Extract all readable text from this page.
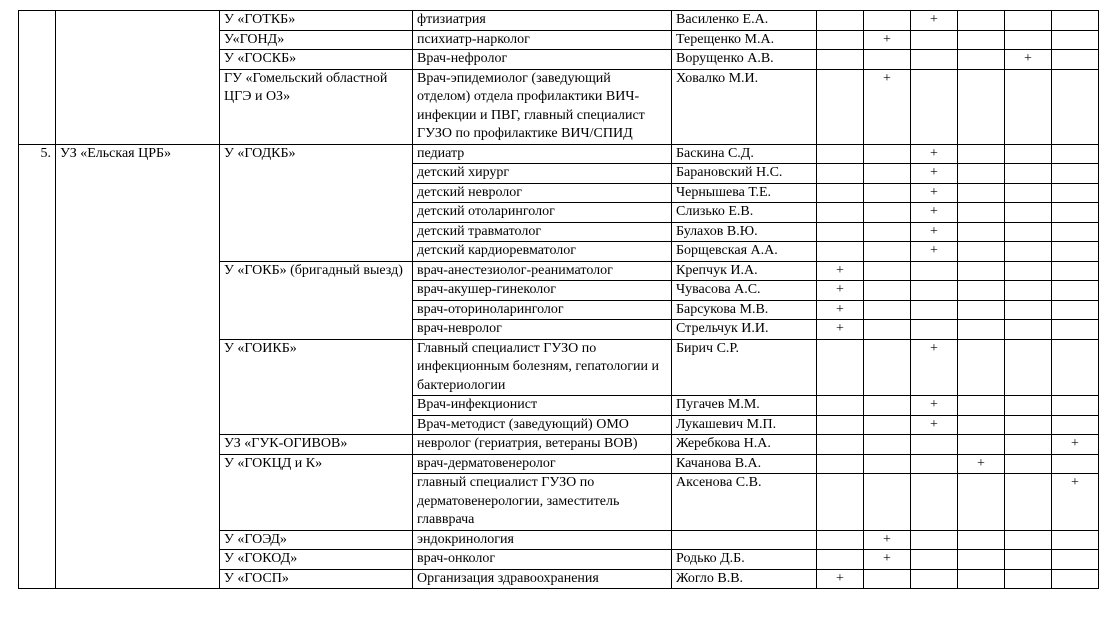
		У «ГОТКБ»	фтизиатрия	Василенко Е.А.			+			
		У«ГОНД»	психиатр-нарколог	Терещенко М.А.		+				
		У «ГОСКБ»	Врач-нефролог	Ворущенко А.В.					+	
		ГУ «Гомельский областной ЦГЭ и ОЗ»	Врач-эпидемиолог (заведующий отделом) отдела профилактики ВИЧ-инфекции и ПВГ, главный специалист ГУЗО по профилактике ВИЧ/СПИД	Ховалко М.И.		+				
5.	УЗ «Ельская ЦРБ»	У «ГОДКБ»	педиатр	Баскина С.Д.			+			
			детский хирург	Барановский Н.С.			+			
			детский невролог	Чернышева Т.Е.			+			
			детский отоларинголог	Слизько Е.В.			+			
			детский травматолог	Булахов В.Ю.			+			
			детский кардиоревматолог	Борщевская А.А.			+			
		У «ГОКБ» (бригадный выезд)	врач-анестезиолог-реаниматолог	Крепчук И.А.	+					
			врач-акушер-гинеколог	Чувасова А.С.	+					
			врач-оториноларинголог	Барсукова М.В.	+					
			врач-невролог	Стрельчук И.И.	+					
		У «ГОИКБ»	Главный специалист ГУЗО по инфекционным болезням, гепатологии и бактериологии	Бирич С.Р.			+			
			Врач-инфекционист	Пугачев М.М.			+			
			Врач-методист (заведующий) ОМО	Лукашевич М.П.			+			
		УЗ «ГУК-ОГИВОВ»	невролог (гериатрия, ветераны ВОВ)	Жеребкова Н.А.						+
		У «ГОКЦД и К»	врач-дерматовенеролог	Качанова В.А.				+		
			главный специалист ГУЗО по дерматовенерологии, заместитель главврача	Аксенова С.В.						+
		У «ГОЭД»	эндокринология			+				
		У «ГОКОД»	врач-онколог	Родько Д.Б.		+				
		У «ГОСП»	Организация здравоохранения	Жогло В.В.	+					
